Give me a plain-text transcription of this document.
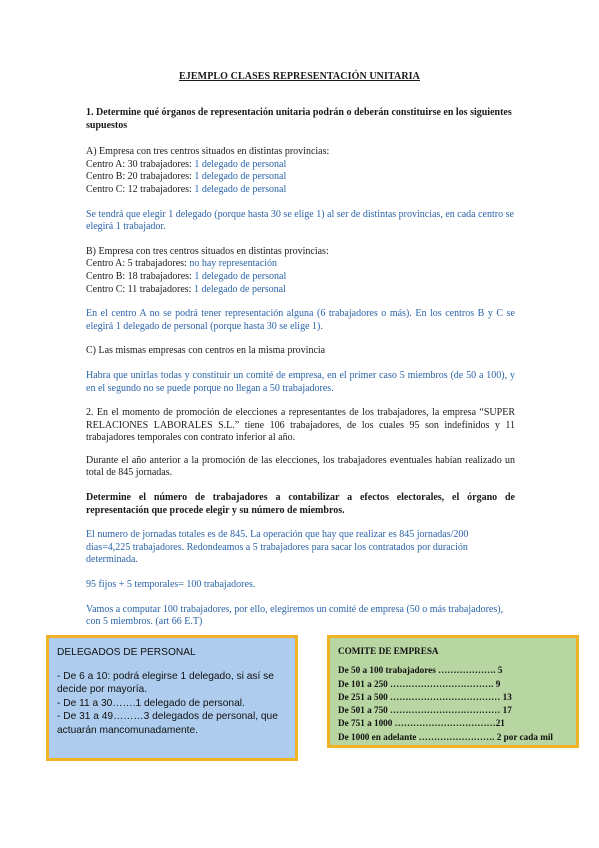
EJEMPLO CLASES REPRESENTACIÓN UNITARIA

1. Determine qué órganos de representación unitaria podrán o deberán constituirse en los siguientes supuestos

A) Empresa con tres centros situados en distintas provincias:

Centro A: 30 trabajadores: 1 delegado de personal

Centro B: 20 trabajadores: 1 delegado de personal

Centro C: 12 trabajadores: 1 delegado de personal

Se tendrá que elegir 1 delegado (porque hasta 30 se elige 1) al ser de distintas provincias, en cada centro se elegirá 1 trabajador.

B) Empresa con tres centros situados en distintas provincias:

Centro A: 5 trabajadores: no hay representación

Centro B: 18 trabajadores: 1 delegado de personal

Centro C: 11 trabajadores: 1 delegado de personal

En el centro A no se podrá tener representación alguna (6 trabajadores o más). En los centros B y C se elegirá 1 delegado de personal (porque hasta 30 se elige 1).

C) Las mismas empresas con centros en la misma provincia

Habra que unirlas todas y constituir un comité de empresa, en el primer caso 5 miembros (de 50 a 100), y en el segundo no se puede porque no llegan a 50 trabajadores.

2. En el momento de promoción de elecciones a representantes de los trabajadores, la empresa “SUPER RELACIONES LABORALES S.L.” tiene 106 trabajadores, de los cuales 95 son indefinidos y 11 trabajadores temporales con contrato inferior al año.

Durante el año anterior a la promoción de las elecciones, los trabajadores eventuales habían realizado un total de 845 jornadas.

Determine el número de trabajadores a contabilizar a efectos electorales, el órgano de representación que procede elegir y su número de miembros.

El numero de jornadas totales es de 845. La operación que hay que realizar es 845 jornadas/200 días=4,225 trabajadores. Redondeamos a 5 trabajadores para sacar los contratados por duración determinada.

95 fijos + 5 temporales= 100 trabajadores.

Vamos a computar 100 trabajadores, por ello, elegiremos un comité de empresa (50 o más trabajadores), con 5 miembros. (art 66 E.T)

DELEGADOS DE PERSONAL

- De 6 a 10: podrá elegirse 1 delegado, si así se decide por mayoría.

- De 11 a 30…….1 delegado de personal.

- De 31 a 49………3 delegados de personal, que actuarán mancomunadamente.

COMITE DE EMPRESA

De 50 a 100 trabajadores ………………. 5

De 101 a 250 ……………………………. 9

De 251 a 500 ……………………………… 13

De 501 a 750 ……………………………… 17

De 751 a 1000 ……………………………21

De 1000 en adelante ……………………. 2 por cada mil
